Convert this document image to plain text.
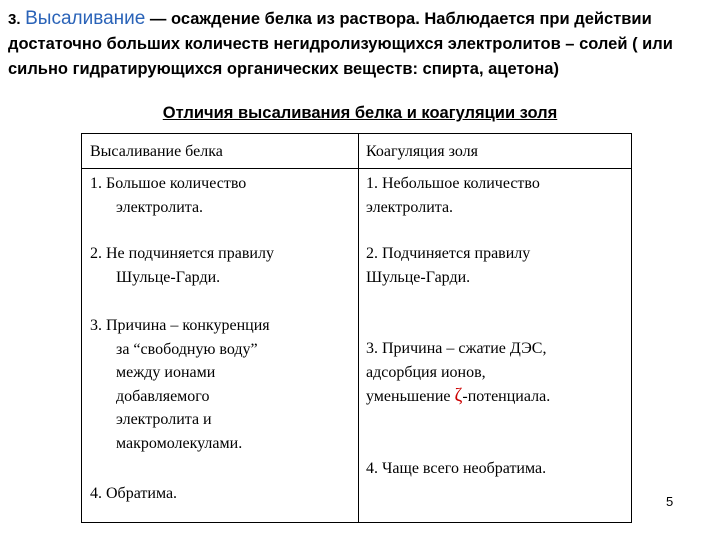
3. Высаливание — осаждение белка из раствора. Наблюдается при действии достаточно больших количеств негидролизующихся электролитов – солей ( или сильно гидратирующихся органических веществ: спирта, ацетона)
Отличия высаливания белка и коагуляции золя
Высаливание белка	Коагуляция золя
1. Большое количество
электролита.
2. Не подчиняется правилу
Шульце-Гарди.
3. Причина – конкуренция
за “свободную воду”
между ионами
добавляемого
электролита и
макромолекулами.
4. Обратима.
1. Небольшое количество
электролита.
2. Подчиняется правилу
Шульце-Гарди.
3. Причина – сжатие ДЭС,
адсорбция ионов,
уменьшение ζ-потенциала.
4. Чаще всего необратима.
5
